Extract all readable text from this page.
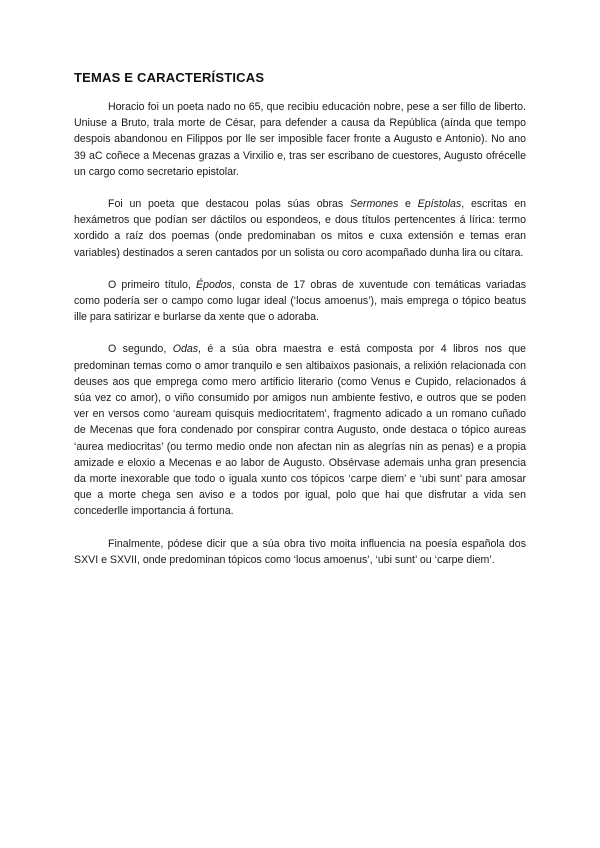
TEMAS E CARACTERÍSTICAS

Horacio foi un poeta nado no 65, que recibiu educación nobre, pese a ser fillo de liberto. Uniuse a Bruto, trala morte de César, para defender a causa da República (aínda que tempo despois abandonou en Filippos por lle ser imposible facer fronte a Augusto e Antonio). No ano 39 aC coñece a Mecenas grazas a Virxilio e, tras ser escribano de cuestores, Augusto ofrécelle un cargo como secretario epistolar.

Foi un poeta que destacou polas súas obras Sermones e Epístolas, escritas en hexámetros que podían ser dáctilos ou espondeos, e dous títulos pertencentes á lírica: termo xordido a raíz dos poemas (onde predominaban os mitos e cuxa extensión e temas eran variables) destinados a seren cantados por un solista ou coro acompañado dunha lira ou cítara.

O primeiro título, Épodos, consta de 17 obras de xuventude con temáticas variadas como podería ser o campo como lugar ideal (‘locus amoenus’), mais emprega o tópico beatus ille para satirizar e burlarse da xente que o adoraba.

O segundo, Odas, é a súa obra maestra e está composta por 4 libros nos que predominan temas como o amor tranquilo e sen altibaixos pasionais, a relixión relacionada con deuses aos que emprega como mero artificio literario (como Venus e Cupido, relacionados á súa vez co amor), o viño consumido por amigos nun ambiente festivo, e outros que se poden ver en versos como ‘auream quisquis mediocritatem’, fragmento adicado a un romano cuñado de Mecenas que fora condenado por conspirar contra Augusto, onde destaca o tópico aureas ‘aurea mediocritas’ (ou termo medio onde non afectan nin as alegrías nin as penas) e a propia amizade e eloxio a Mecenas e ao labor de Augusto. Obsérvase ademais unha gran presencia da morte inexorable que todo o iguala xunto cos tópicos ‘carpe diem’ e ‘ubi sunt’ para amosar que a morte chega sen aviso e a todos por igual, polo que hai que disfrutar a vida sen concederlle importancia á fortuna.

Finalmente, pódese dicir que a súa obra tivo moita influencia na poesía española dos SXVI e SXVII, onde predominan tópicos como ‘locus amoenus’, ‘ubi sunt’ ou ‘carpe diem’.
